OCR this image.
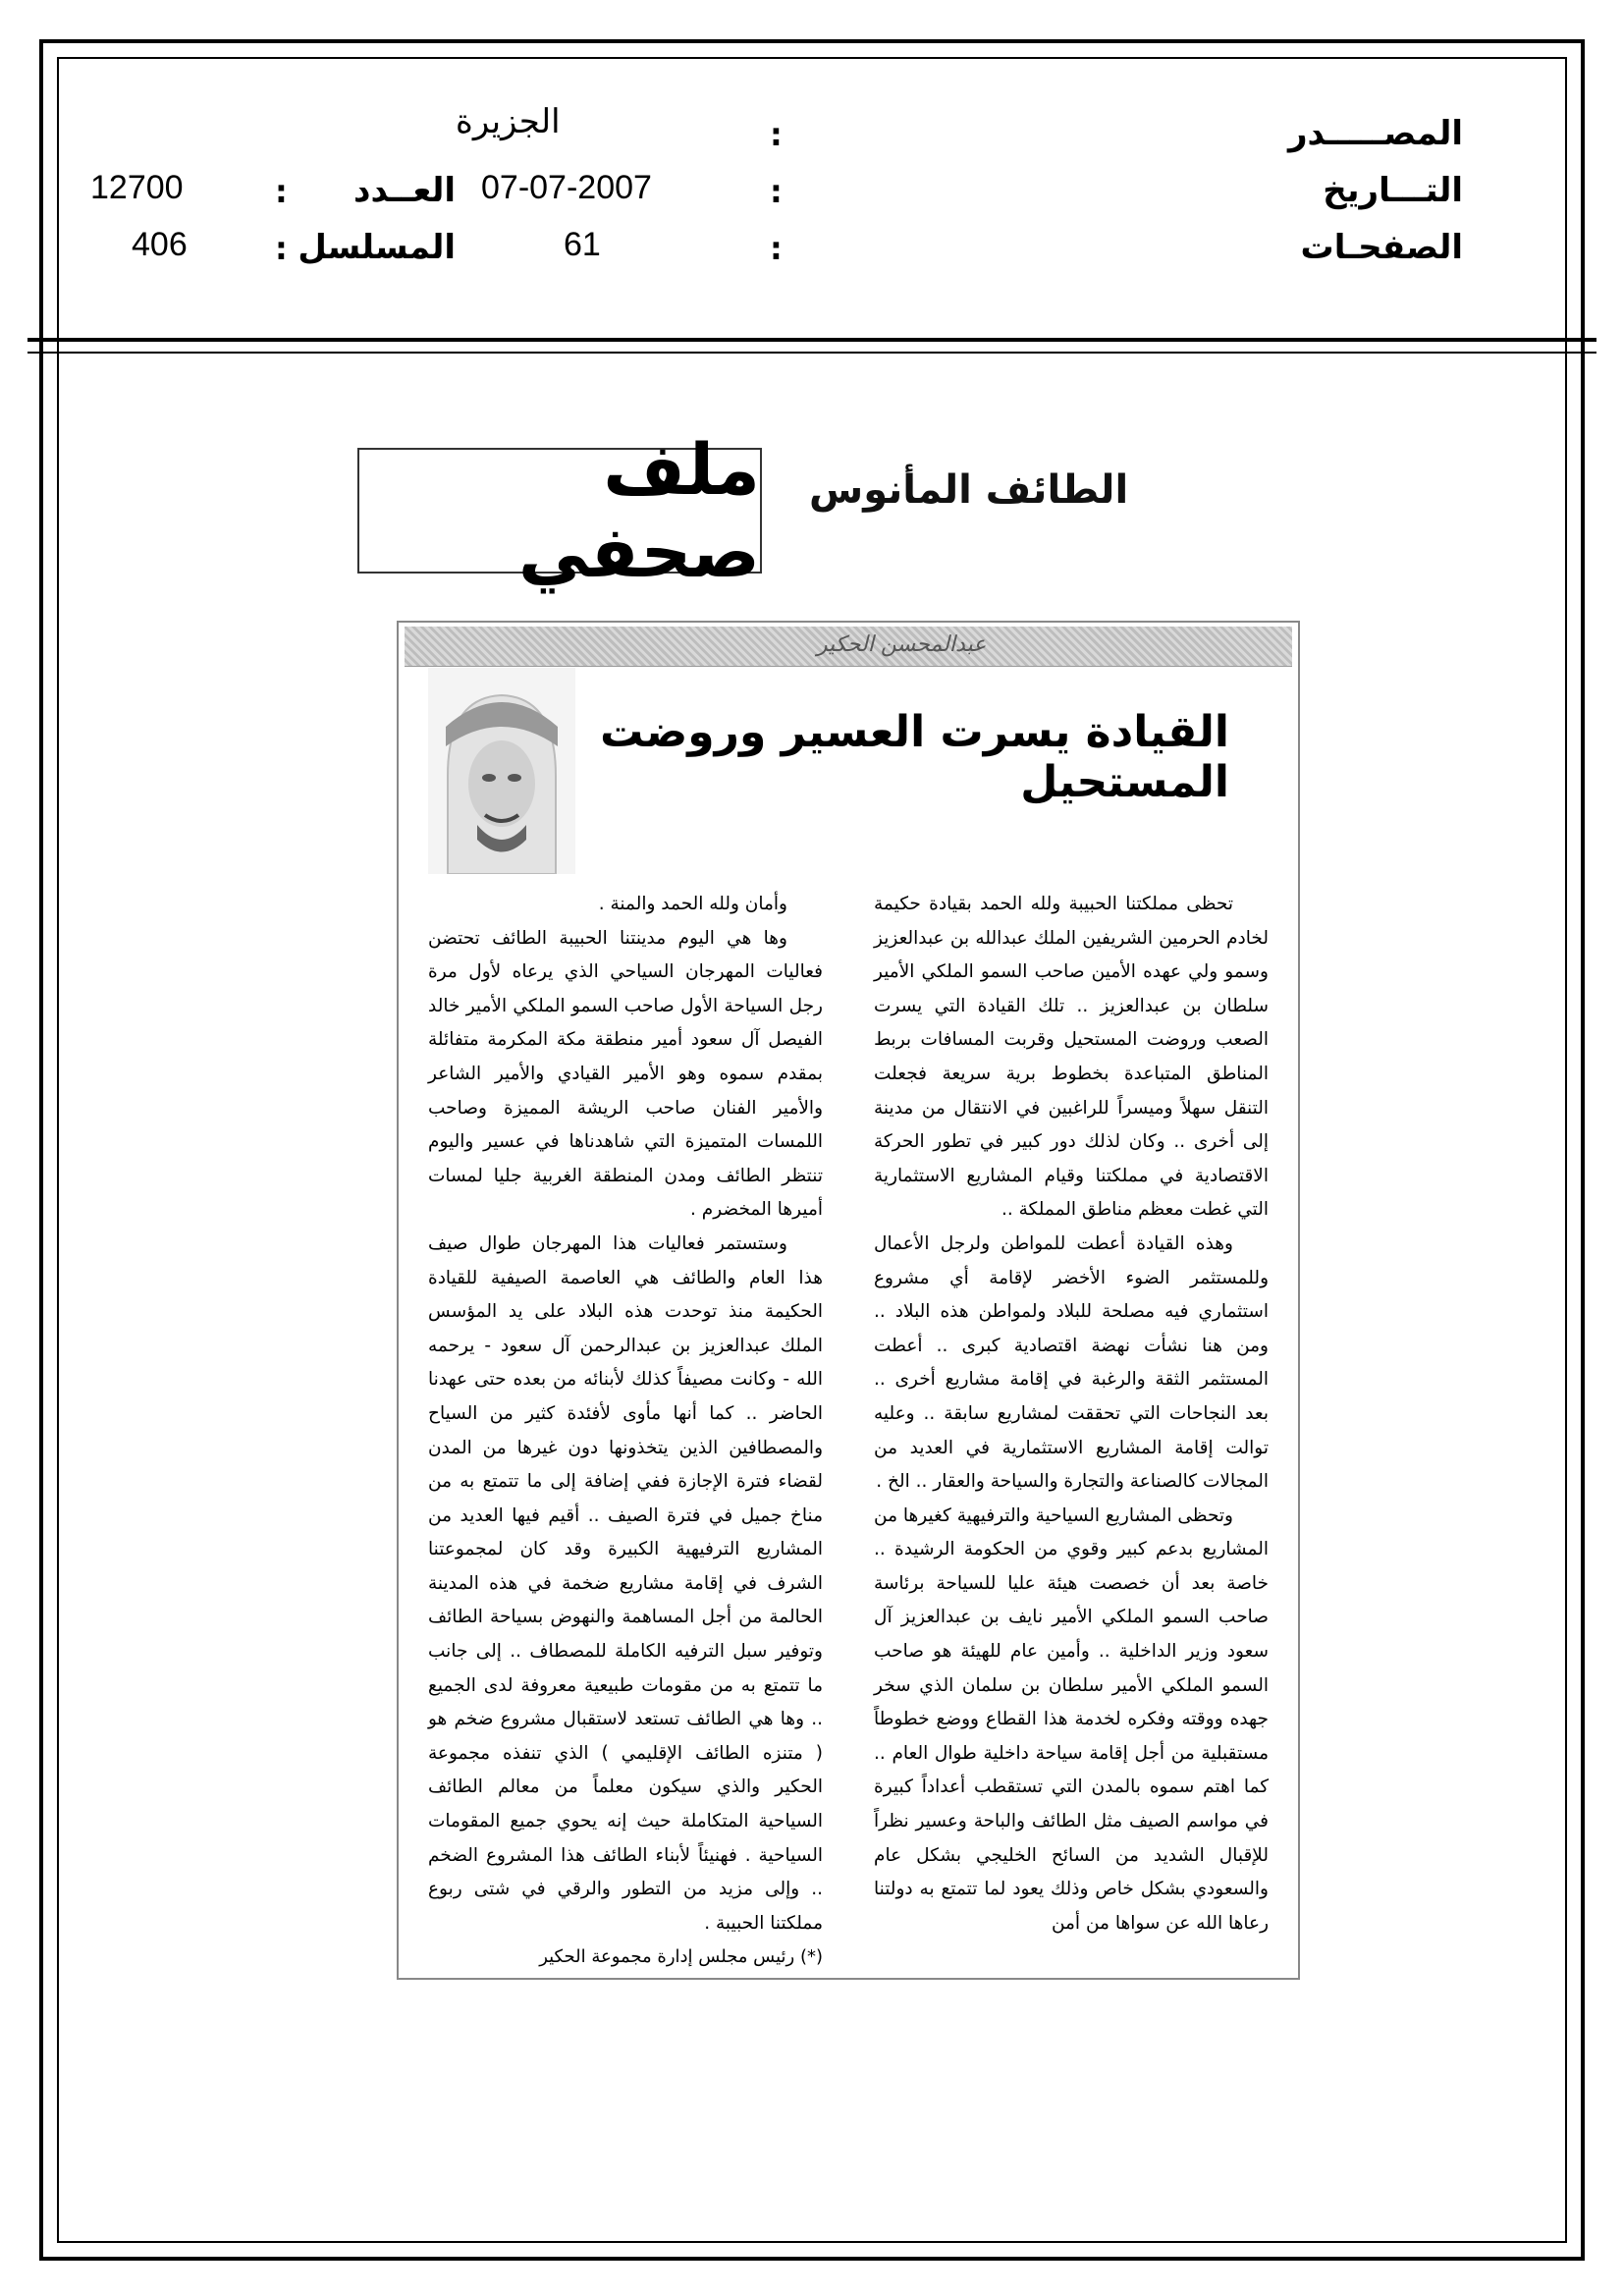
المصـــــدر
:
الجزيرة
التـــاريخ
:
07-07-2007
العــدد
:
12700
الصفحـات
:
61
المسلسل
:
406
ملف صحفي
الطائف المأنوس
عبدالمحسن الحكير
القيادة يسرت العسير وروضت المستحيل

تحظى مملكتنا الحبيبة ولله الحمد بقيادة حكيمة لخادم الحرمين الشريفين الملك عبدالله بن عبدالعزيز وسمو ولي عهده الأمين صاحب السمو الملكي الأمير سلطان بن عبدالعزيز .. تلك القيادة التي يسرت الصعب وروضت المستحيل وقربت المسافات بربط المناطق المتباعدة بخطوط برية سريعة فجعلت التنقل سهلاً وميسراً للراغبين في الانتقال من مدينة إلى أخرى .. وكان لذلك دور كبير في تطور الحركة الاقتصادية في مملكتنا وقيام المشاريع الاستثمارية التي غطت معظم مناطق المملكة ..

وهذه القيادة أعطت للمواطن ولرجل الأعمال وللمستثمر الضوء الأخضر لإقامة أي مشروع استثماري فيه مصلحة للبلاد ولمواطن هذه البلاد .. ومن هنا نشأت نهضة اقتصادية كبرى .. أعطت المستثمر الثقة والرغبة في إقامة مشاريع أخرى .. بعد النجاحات التي تحققت لمشاريع سابقة .. وعليه توالت إقامة المشاريع الاستثمارية في العديد من المجالات كالصناعة والتجارة والسياحة والعقار .. الخ .

وتحظى المشاريع السياحية والترفيهية كغيرها من المشاريع بدعم كبير وقوي من الحكومة الرشيدة .. خاصة بعد أن خصصت هيئة عليا للسياحة برئاسة صاحب السمو الملكي الأمير نايف بن عبدالعزيز آل سعود وزير الداخلية .. وأمين عام للهيئة هو صاحب السمو الملكي الأمير سلطان بن سلمان الذي سخر جهده ووقته وفكره لخدمة هذا القطاع ووضع خطوطاً مستقبلية من أجل إقامة سياحة داخلية طوال العام .. كما اهتم سموه بالمدن التي تستقطب أعداداً كبيرة في مواسم الصيف مثل الطائف والباحة وعسير نظراً للإقبال الشديد من السائح الخليجي بشكل عام والسعودي بشكل خاص وذلك يعود لما تتمتع به دولتنا رعاها الله عن سواها من أمن

وأمان ولله الحمد والمنة .

وها هي اليوم مدينتنا الحبيبة الطائف تحتضن فعاليات المهرجان السياحي الذي يرعاه لأول مرة رجل السياحة الأول صاحب السمو الملكي الأمير خالد الفيصل آل سعود أمير منطقة مكة المكرمة متفائلة بمقدم سموه وهو الأمير القيادي والأمير الشاعر والأمير الفنان صاحب الريشة المميزة وصاحب اللمسات المتميزة التي شاهدناها في عسير واليوم تنتظر الطائف ومدن المنطقة الغربية جليا لمسات أميرها المخضرم .

وستستمر فعاليات هذا المهرجان طوال صيف هذا العام والطائف هي العاصمة الصيفية للقيادة الحكيمة منذ توحدت هذه البلاد على يد المؤسس الملك عبدالعزيز بن عبدالرحمن آل سعود - يرحمه الله - وكانت مصيفاً كذلك لأبنائه من بعده حتى عهدنا الحاضر .. كما أنها مأوى لأفئدة كثير من السياح والمصطافين الذين يتخذونها دون غيرها من المدن لقضاء فترة الإجازة ففي إضافة إلى ما تتمتع به من مناخ جميل في فترة الصيف .. أقيم فيها العديد من المشاريع الترفيهية الكبيرة وقد كان لمجموعتنا الشرف في إقامة مشاريع ضخمة في هذه المدينة الحالمة من أجل المساهمة والنهوض بسياحة الطائف وتوفير سبل الترفيه الكاملة للمصطاف .. إلى جانب ما تتمتع به من مقومات طبيعية معروفة لدى الجميع .. وها هي الطائف تستعد لاستقبال مشروع ضخم هو ( متنزه الطائف الإقليمي ) الذي تنفذه مجموعة الحكير والذي سيكون معلماً من معالم الطائف السياحية المتكاملة حيث إنه يحوي جميع المقومات السياحية . فهنيئاً لأبناء الطائف هذا المشروع الضخم .. وإلى مزيد من التطور والرقي في شتى ربوع مملكتنا الحبيبة .

(*) رئيس مجلس إدارة مجموعة الحكير
